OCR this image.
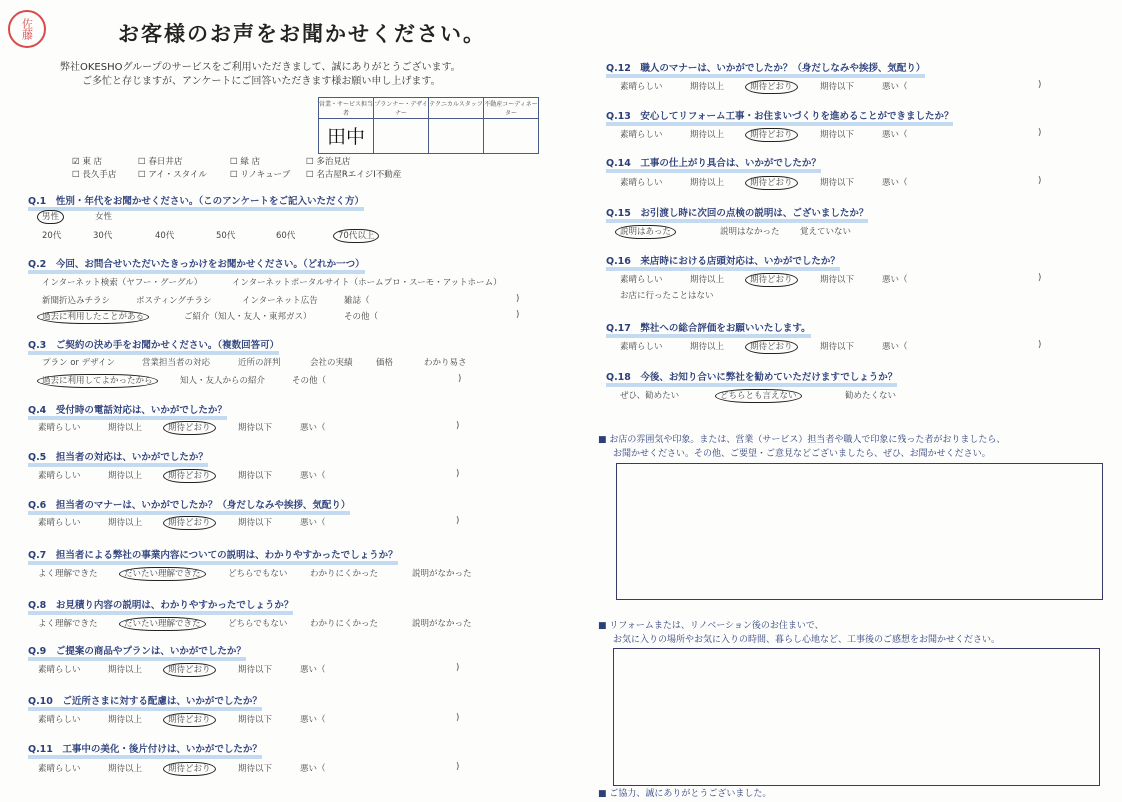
佐藤	お客様のお声をお聞かせください。
弊社OKESHOグループのサービスをご利用いただきまして、誠にありがとうございます。
ご多忙と存じますが、アンケートにご回答いただきます様お願い申し上げます。
営業・サービス担当者	プランナー・デザイナー	テクニカルスタッフ	不動産コーディネーター

田中			

☑ 東 店	☐ 春日井店	☐ 緑 店	☐ 多治見店
☐ 長久手店	☐ アイ・スタイル	☐ リノキューブ ☐ 名古屋RエイジI不動産
Q.1　 性別・年代をお聞かせください。（このアンケートをご記入いただく方）
男性	女性
20代	30代	40代	50代	60代	70代以上
Q.2　 今回、お問合せいただいたきっかけをお聞かせください。（どれか一つ）
インターネット検索（ヤフー・グーグル）	インターネットポータルサイト（ホームプロ・スーモ・アットホーム）
新聞折込みチラシ	ポスティングチラシ	インターネット広告	雑誌（	)
過去に利用したことがある	ご紹介（知人・友人・東邦ガス）	その他（	)
Q.3　 ご契約の決め手をお聞かせください。（複数回答可）
プラン or デザイン	営業担当者の対応	近所の評判	会社の実績	価格	わかり易さ
過去に利用してよかったから	知人・友人からの紹介	その他（	)
Q.4　 受付時の電話対応は、いかがでしたか？
素晴らしい	期待以上	期待どおり	期待以下	悪い（	)
Q.5　 担当者の対応は、いかがでしたか？
素晴らしい	期待以上	期待どおり	期待以下	悪い（	)
Q.6　 担当者のマナーは、いかがでしたか？（身だしなみや挨拶、気配り）
素晴らしい	期待以上	期待どおり	期待以下	悪い（	)
Q.7　 担当者による弊社の事業内容についての説明は、わかりやすかったでしょうか？
よく理解できた	だいたい理解できた	どちらでもない	わかりにくかった	説明がなかった
Q.8　 お見積り内容の説明は、わかりやすかったでしょうか？
よく理解できた	だいたい理解できた	どちらでもない	わかりにくかった	説明がなかった
Q.9　 ご提案の商品やプランは、いかがでしたか？
素晴らしい	期待以上	期待どおり	期待以下	悪い（	)
Q.10　 ご近所さまに対する配慮は、いかがでしたか？
素晴らしい	期待以上	期待どおり	期待以下	悪い（	)
Q.11　 工事中の美化・後片付けは、いかがでしたか？
素晴らしい	期待以上	期待どおり	期待以下	悪い（	)
Q.12　 職人のマナーは、いかがでしたか？（身だしなみや挨拶、気配り）
素晴らしい	期待以上	期待どおり	期待以下	悪い（	)
Q.13　 安心してリフォーム工事・お住まいづくりを進めることができましたか？
素晴らしい	期待以上	期待どおり	期待以下	悪い（	)
Q.14　 工事の仕上がり具合は、いかがでしたか？
素晴らしい	期待以上	期待どおり	期待以下	悪い（	)
Q.15　 お引渡し時に次回の点検の説明は、ございましたか？
説明はあった	説明はなかった 覚えていない
Q.16　 来店時における店頭対応は、いかがでしたか？
素晴らしい	期待以上	期待どおり	期待以下	悪い（	)
お店に行ったことはない
Q.17　 弊社への総合評価をお願いいたします。
素晴らしい	期待以上	期待どおり	期待以下	悪い（	)
Q.18　 今後、お知り合いに弊社を勧めていただけますでしょうか？
ぜひ、勧めたい	どちらとも言えない	勧めたくない
■ お店の雰囲気や印象。または、営業（サービス）担当者や職人で印象に残った者がおりましたら、
お聞かせください。その他、ご要望・ご意見などございましたら、ぜひ、お聞かせください。
■ リフォームまたは、リノベーション後のお住まいで、
お気に入りの場所やお気に入りの時間、暮らし心地など、工事後のご感想をお聞かせください。
■ ご協力、誠にありがとうございました。
